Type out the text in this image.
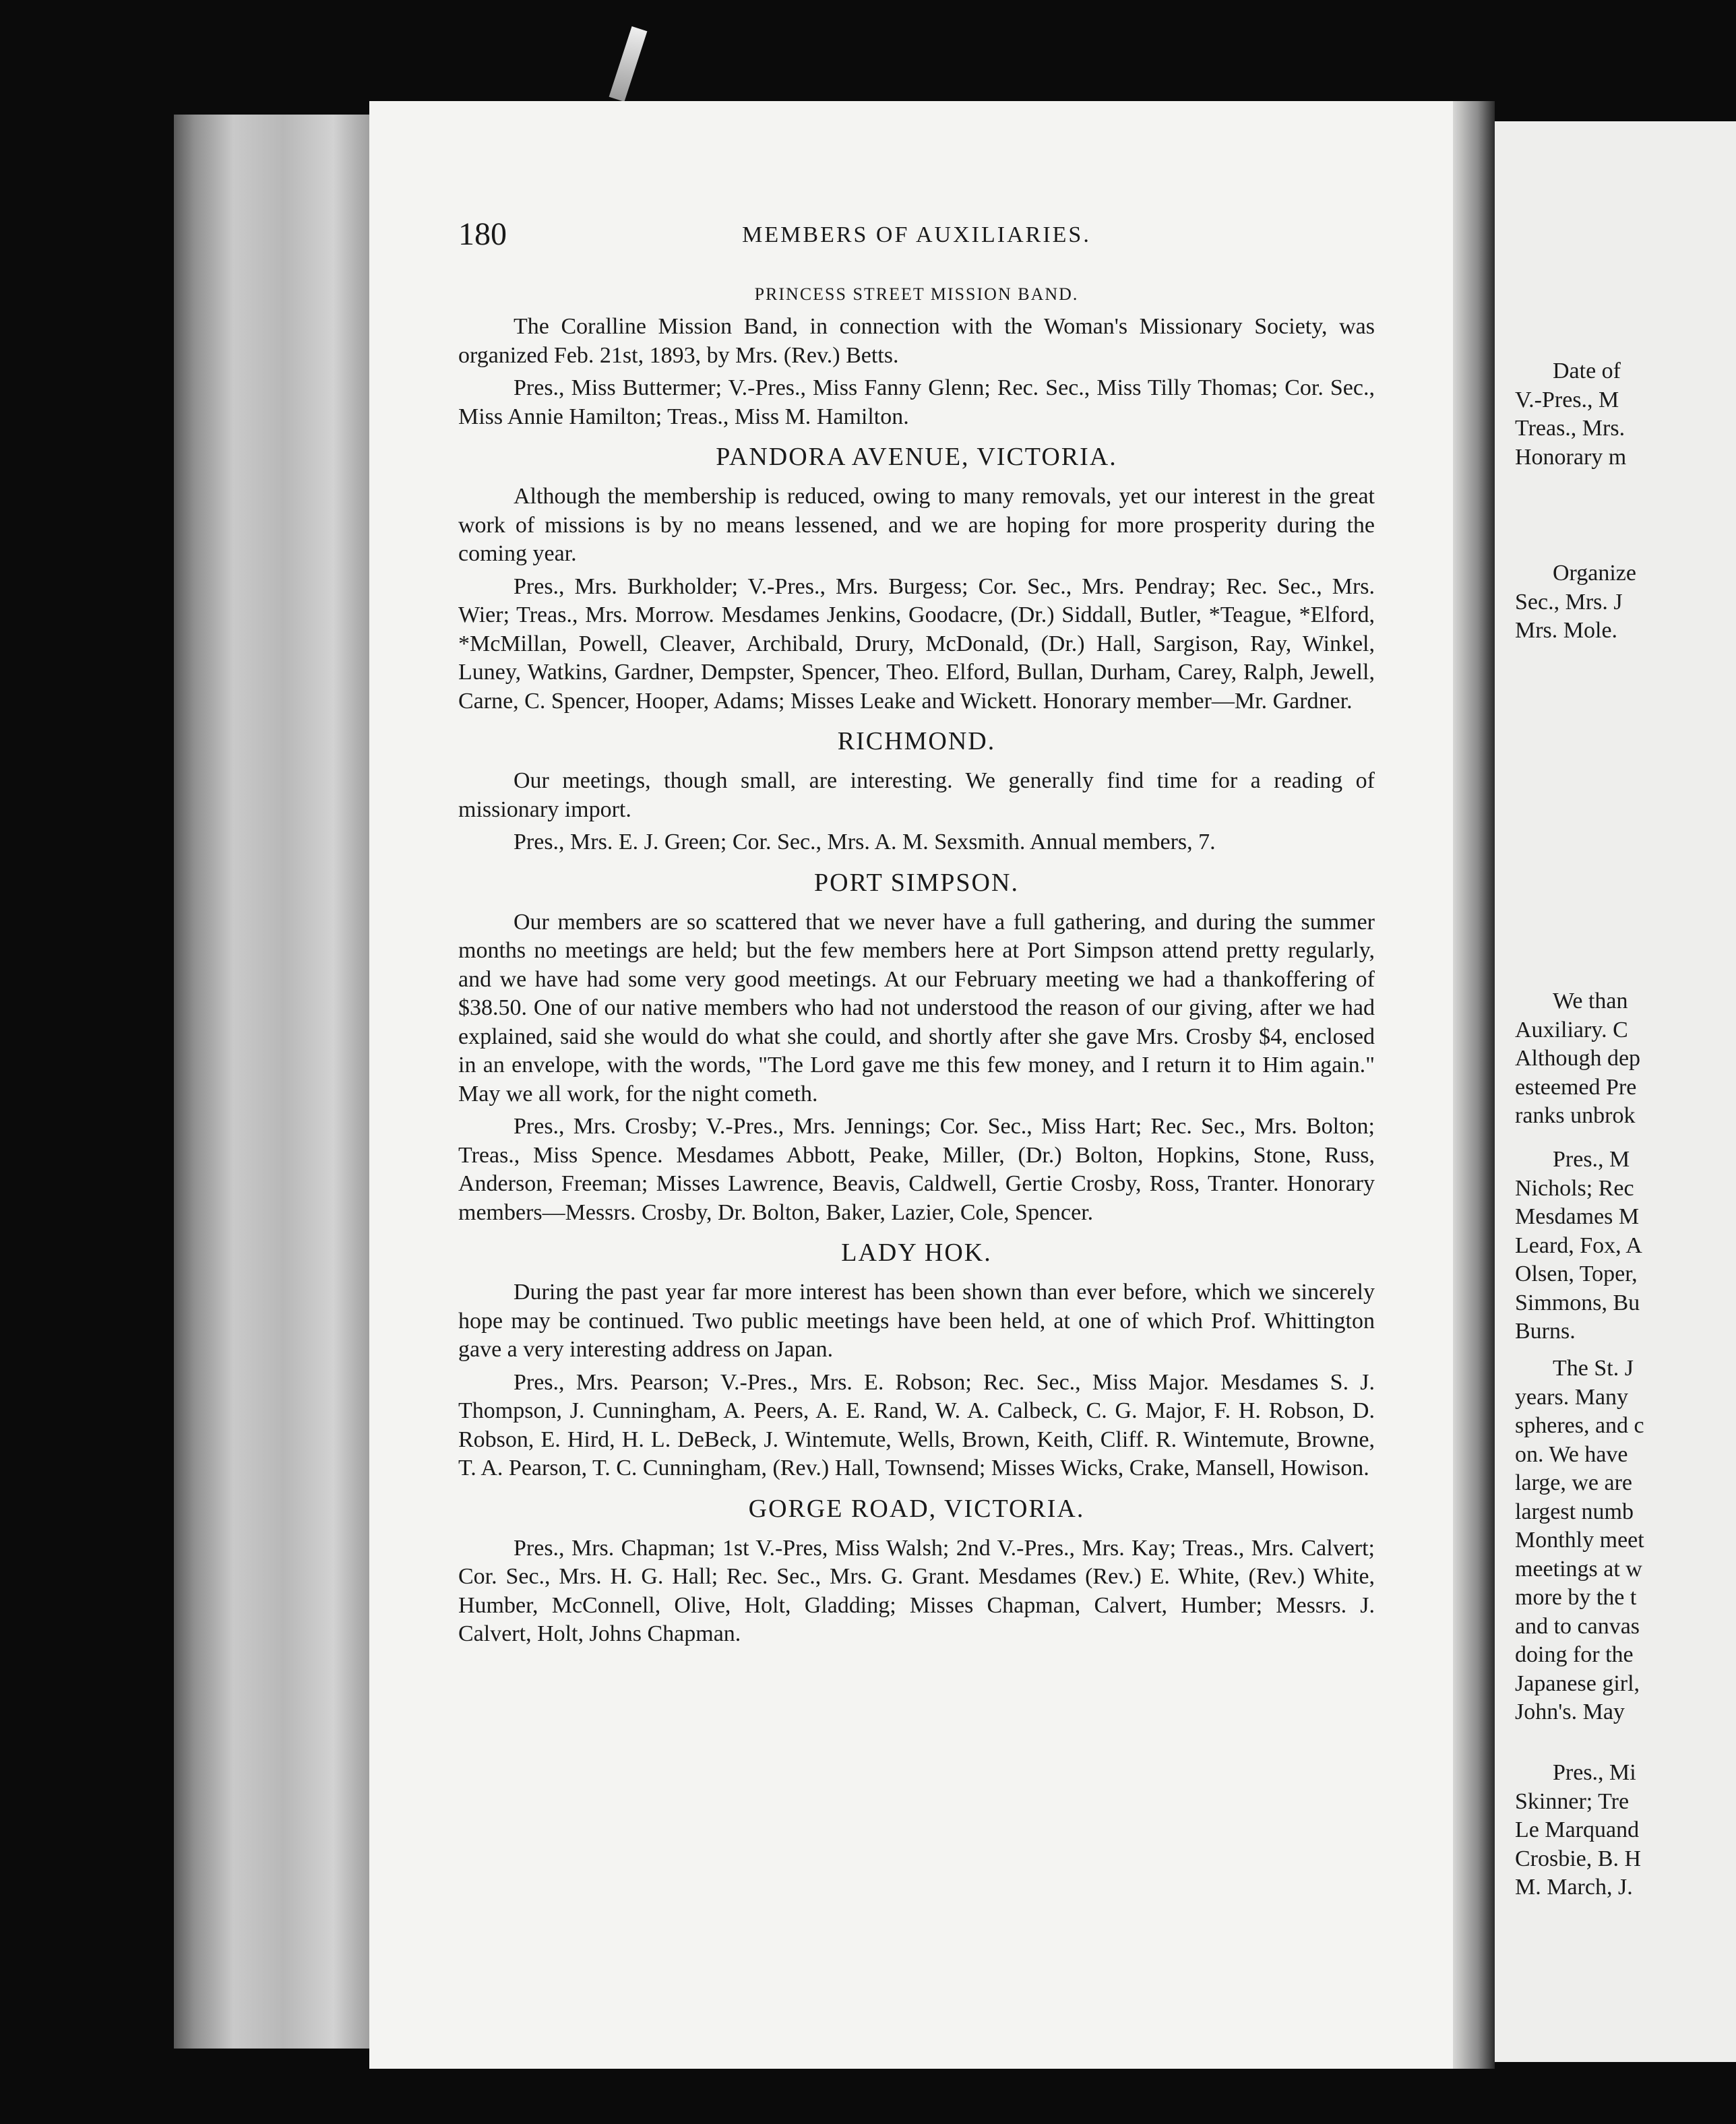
180	MEMBERS OF AUXILIARIES.
PRINCESS STREET MISSION BAND.

The Coralline Mission Band, in connection with the Woman's Missionary Society, was organized Feb. 21st, 1893, by Mrs. (Rev.) Betts.

Pres., Miss Buttermer; V.-Pres., Miss Fanny Glenn; Rec. Sec., Miss Tilly Thomas; Cor. Sec., Miss Annie Hamilton; Treas., Miss M. Hamilton.

PANDORA AVENUE, VICTORIA.

Although the membership is reduced, owing to many removals, yet our interest in the great work of missions is by no means lessened, and we are hoping for more prosperity during the coming year.

Pres., Mrs. Burkholder; V.-Pres., Mrs. Burgess; Cor. Sec., Mrs. Pendray; Rec. Sec., Mrs. Wier; Treas., Mrs. Morrow. Mesdames Jenkins, Goodacre, (Dr.) Siddall, Butler, *Teague, *Elford, *McMillan, Powell, Cleaver, Archibald, Drury, McDonald, (Dr.) Hall, Sargison, Ray, Winkel, Luney, Watkins, Gardner, Dempster, Spencer, Theo. Elford, Bullan, Durham, Carey, Ralph, Jewell, Carne, C. Spencer, Hooper, Adams; Misses Leake and Wickett. Honorary member—Mr. Gardner.

RICHMOND.

Our meetings, though small, are interesting. We generally find time for a reading of missionary import.

Pres., Mrs. E. J. Green; Cor. Sec., Mrs. A. M. Sexsmith. Annual members, 7.

PORT SIMPSON.

Our members are so scattered that we never have a full gathering, and during the summer months no meetings are held; but the few members here at Port Simpson attend pretty regularly, and we have had some very good meetings. At our February meeting we had a thankoffering of $38.50. One of our native members who had not understood the reason of our giving, after we had explained, said she would do what she could, and shortly after she gave Mrs. Crosby $4, enclosed in an envelope, with the words, "The Lord gave me this few money, and I return it to Him again." May we all work, for the night cometh.

Pres., Mrs. Crosby; V.-Pres., Mrs. Jennings; Cor. Sec., Miss Hart; Rec. Sec., Mrs. Bolton; Treas., Miss Spence. Mesdames Abbott, Peake, Miller, (Dr.) Bolton, Hopkins, Stone, Russ, Anderson, Freeman; Misses Lawrence, Beavis, Caldwell, Gertie Crosby, Ross, Tranter. Honorary members—Messrs. Crosby, Dr. Bolton, Baker, Lazier, Cole, Spencer.

LADY HOK.

During the past year far more interest has been shown than ever before, which we sincerely hope may be continued. Two public meetings have been held, at one of which Prof. Whittington gave a very interesting address on Japan.

Pres., Mrs. Pearson; V.-Pres., Mrs. E. Robson; Rec. Sec., Miss Major. Mesdames S. J. Thompson, J. Cunningham, A. Peers, A. E. Rand, W. A. Calbeck, C. G. Major, F. H. Robson, D. Robson, E. Hird, H. L. DeBeck, J. Wintemute, Wells, Brown, Keith, Cliff. R. Wintemute, Browne, T. A. Pearson, T. C. Cunningham, (Rev.) Hall, Townsend; Misses Wicks, Crake, Mansell, Howison.

GORGE ROAD, VICTORIA.

Pres., Mrs. Chapman; 1st V.-Pres, Miss Walsh; 2nd V.-Pres., Mrs. Kay; Treas., Mrs. Calvert; Cor. Sec., Mrs. H. G. Hall; Rec. Sec., Mrs. G. Grant. Mesdames (Rev.) E. White, (Rev.) White, Humber, McConnell, Olive, Holt, Gladding; Misses Chapman, Calvert, Humber; Messrs. J. Calvert, Holt, Johns Chapman.

Date of
V.-Pres., M
Treas., Mrs.
Honorary m
Organize
Sec., Mrs. J
Mrs. Mole.
We than
Auxiliary. C
Although dep
esteemed Pre
ranks unbrok
Pres., M
Nichols; Rec
Mesdames M
Leard, Fox, A
Olsen, Toper,
Simmons, Bu
Burns.
The St. J
years. Many
spheres, and c
on. We have
large, we are
largest numb
Monthly meet
meetings at w
more by the t
and to canvas
doing for the
Japanese girl,
John's. May
Pres., Mi
Skinner; Tre
Le Marquand
Crosbie, B. H
M. March, J.
